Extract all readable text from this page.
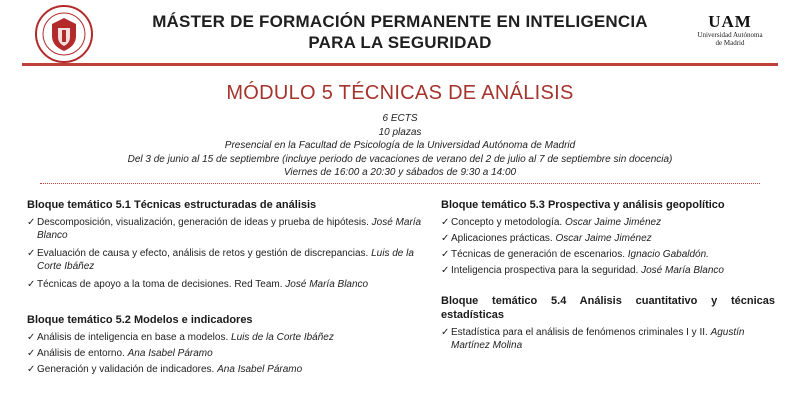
MÁSTER DE FORMACIÓN PERMANENTE EN INTELIGENCIA
PARA LA SEGURIDAD
UAM
Universidad Autónoma
de Madrid
MÓDULO 5 TÉCNICAS DE ANÁLISIS
6 ECTS
10 plazas
Presencial en la Facultad de Psicología de la Universidad Autónoma de Madrid
Del 3 de junio al 15 de septiembre (incluye periodo de vacaciones de verano del 2 de julio al 7 de septiembre sin docencia)
Viernes de 16:00 a 20:30 y sábados de 9:30 a 14:00
Bloque temático 5.1 Técnicas estructuradas de análisis
✓ Descomposición, visualización, generación de ideas y prueba de hipótesis. José María Blanco
✓ Evaluación de causa y efecto, análisis de retos y gestión de discrepancias. Luis de la Corte Ibáñez
✓ Técnicas de apoyo a la toma de decisiones. Red Team. José María Blanco
Bloque temático 5.2 Modelos e indicadores
✓ Análisis de inteligencia en base a modelos. Luis de la Corte Ibáñez
✓ Análisis de entorno. Ana Isabel Páramo
✓ Generación y validación de indicadores. Ana Isabel Páramo
Bloque temático 5.3 Prospectiva y análisis geopolítico
✓ Concepto y metodología. Oscar Jaime Jiménez
✓ Aplicaciones prácticas. Oscar Jaime Jiménez
✓ Técnicas de generación de escenarios. Ignacio Gabaldón.
✓ Inteligencia prospectiva para la seguridad. José María Blanco
Bloque temático 5.4 Análisis cuantitativo y técnicas estadísticas
✓ Estadística para el análisis de fenómenos criminales I y II. Agustín Martínez Molina
